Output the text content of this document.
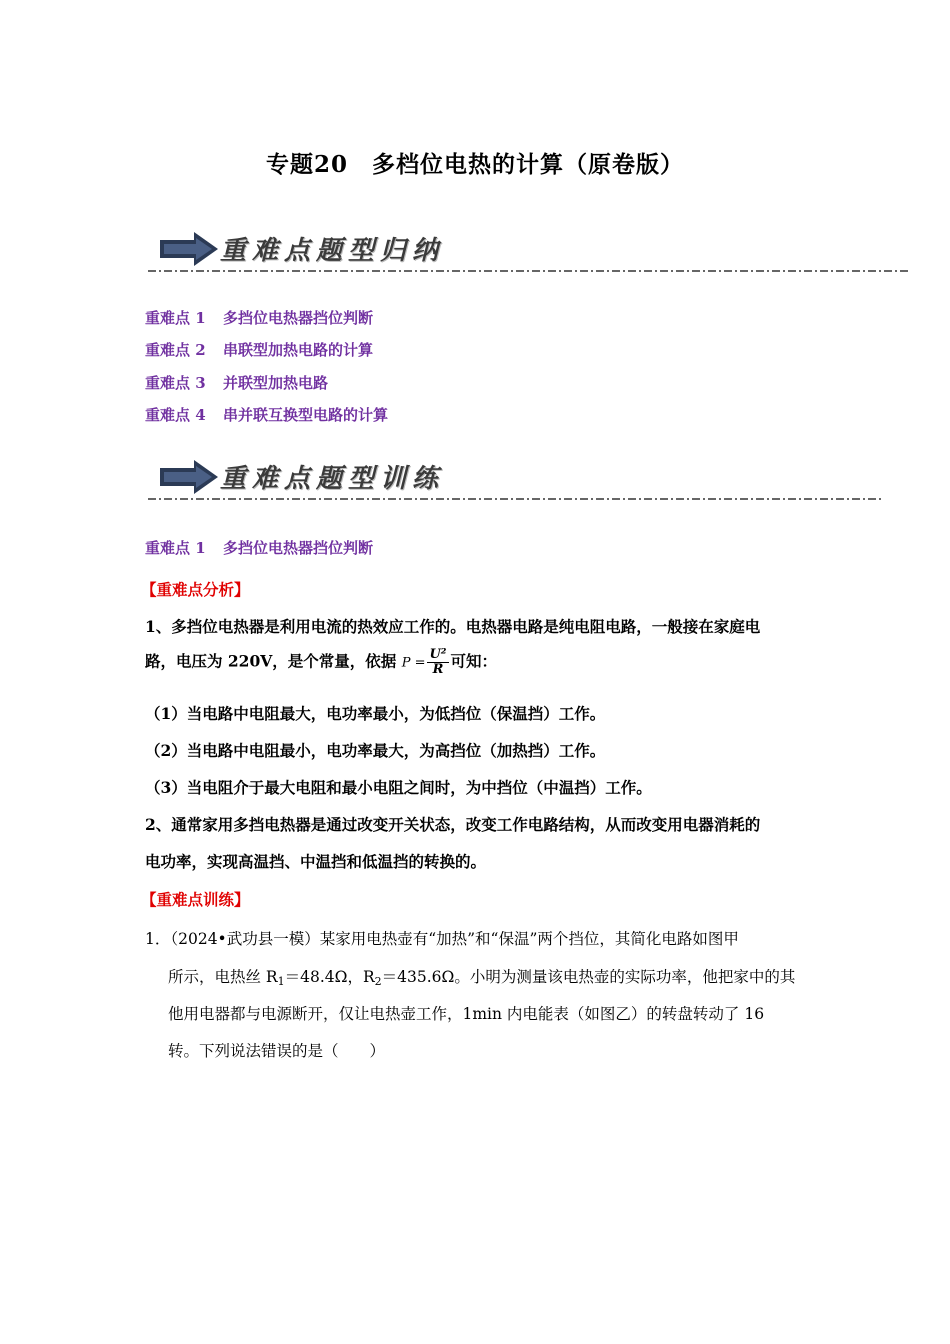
专题20　多档位电热的计算（原卷版）
重难点题型归纳
重难点 1 多挡位电热器挡位判断
重难点 2 串联型加热电路的计算
重难点 3 并联型加热电路
重难点 4 串并联互换型电路的计算
重难点题型训练
重难点 1 多挡位电热器挡位判断
【重难点分析】
1、多挡位电热器是利用电流的热效应工作的。电热器电路是纯电阻电路，一般接在家庭电
路，电压为 220V，是个常量，依据 $P = \frac{\text{U²}}{R}$ 可知：
（1）当电路中电阻最大，电功率最小，为低挡位（保温挡）工作。
（2）当电路中电阻最小，电功率最大，为高挡位（加热挡）工作。
（3）当电阻介于最大电阻和最小电阻之间时，为中挡位（中温挡）工作。
2、通常家用多挡电热器是通过改变开关状态，改变工作电路结构，从而改变用电器消耗的
电功率，实现高温挡、中温挡和低温挡的转换的。
【重难点训练】
1．（2024•武功县一模）某家用电热壶有“加热”和“保温”两个挡位，其简化电路如图甲
所示，电热丝 $R_1=48.4\Omega$，$R_2=435.6\Omega$。小明为测量该电热壶的实际功率，他把家中的其
他用电器都与电源断开，仅让电热壶工作，1min 内电能表（如图乙）的转盘转动了 16
转。下列说法错误的是（　　）
